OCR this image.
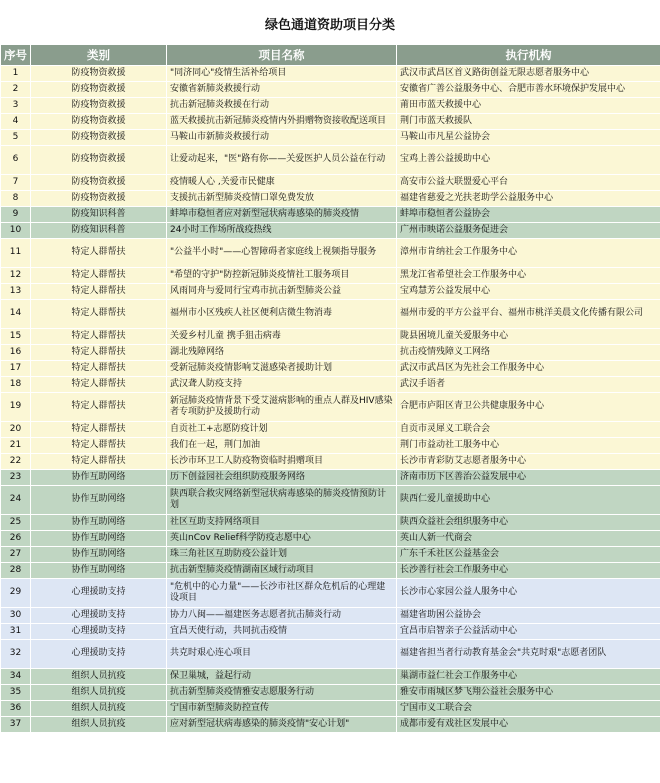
绿色通道资助项目分类
序号	类别	项目名称	执行机构
1	防疫物资救援	"同济同心"疫情生活补给项目	武汉市武昌区首义路街创益无限志愿者服务中心
2	防疫物资救援	安徽省新肺炎救援行动	安徽省广善公益服务中心、合肥市善水环境保护发展中心
3	防疫物资救援	抗击新冠肺炎救援在行动	莆田市蓝天救援中心
4	防疫物资救援	蓝天救援抗击新冠肺炎疫情内外捐赠物资接收配送项目	荆门市蓝天救援队
5	防疫物资救援	马鞍山市新肺炎救援行动	马鞍山市凡星公益协会
6	防疫物资救援	让爱动起来，"医"路有你——关爱医护人员公益在行动	宝鸡上善公益援助中心
7	防疫物资救援	疫情暖人心 ,关爱市民健康	高安市公益大联盟爱心平台
8	防疫物资救援	支援抗击新型肺炎疫情口罩免费发放	福建省慈爱之光扶老助学公益服务中心
9	防疫知识科普	蚌埠市稳恒者应对新型冠状病毒感染的肺炎疫情	蚌埠市稳恒者公益协会
10	防疫知识科普	24小时工作场所战疫热线	广州市映诺公益服务促进会
11	特定人群帮扶	"公益半小时"——心智障碍者家庭线上视频指导服务	漳州市肯纳社会工作服务中心
12	特定人群帮扶	"希望的守护"防控新冠肺炎疫情社工服务项目	黑龙江省希望社会工作服务中心
13	特定人群帮扶	风雨同舟与爱同行宝鸡市抗击新型肺炎公益	宝鸡慧芳公益发展中心
14	特定人群帮扶	福州市小区残疾人社区便利店微生物消毒	福州市爱的平方公益平台、福州市桃洋美晨文化传播有限公司
15	特定人群帮扶	关爱乡村儿童 携手狙击病毒	陇县困境儿童关爱服务中心
16	特定人群帮扶	湖北残障网络	抗击疫情残障义工网络
17	特定人群帮扶	受新冠肺炎疫情影响艾滋感染者援助计划	武汉市武昌区为先社会工作服务中心
18	特定人群帮扶	武汉聋人防疫支持	武汉手语者
19	特定人群帮扶	新冠肺炎疫情背景下受艾滋病影响的重点人群及HIV感染者专项防护及援助行动	合肥市庐阳区青卫公共健康服务中心
20	特定人群帮扶	自贡社工+志愿防疫计划	自贡市灵犀义工联合会
21	特定人群帮扶	我们在一起，荆门加油	荆门市益动社工服务中心
22	特定人群帮扶	长沙市环卫工人防疫物资临时捐赠项目	长沙市青彩防艾志愿者服务中心
23	协作互助网络	历下创益园社会组织防疫服务网络	济南市历下区善治公益发展中心
24	协作互助网络	陕西联合救灾网络新型冠状病毒感染的肺炎疫情预防计划	陕西仁爱儿童援助中心
25	协作互助网络	社区互助支持网络项目	陕西众益社会组织服务中心
26	协作互助网络	英山nCov Relief科学防疫志愿中心	英山人新一代商会
27	协作互助网络	珠三角社区互助防疫公益计划	广东千禾社区公益基金会
28	协作互助网络	抗击新型肺炎疫情湖南区域行动项目	长沙善行社会工作服务中心
29	心理援助支持	"危机中的心力量"——长沙市社区群众危机后的心理建设项目	长沙市心家园公益人服务中心
30	心理援助支持	协力八闽——福建医务志愿者抗击肺炎行动	福建省助困公益协会
31	心理援助支持	宜昌天使行动，共同抗击疫情	宜昌市启智亲子公益活动中心
32	心理援助支持	共克时艰心连心项目	福建省担当者行动教育基金会"共克时艰"志愿者团队
34	组织人员抗疫	保卫巢城，益起行动	巢湖市益仁社会工作服务中心
35	组织人员抗疫	抗击新型肺炎疫情雅安志愿服务行动	雅安市雨城区梦飞翔公益社会服务中心
36	组织人员抗疫	宁国市新型肺炎防控宣传	宁国市义工联合会
37	组织人员抗疫	应对新型冠状病毒感染的肺炎疫情"安心计划"	成都市爱有戏社区发展中心
